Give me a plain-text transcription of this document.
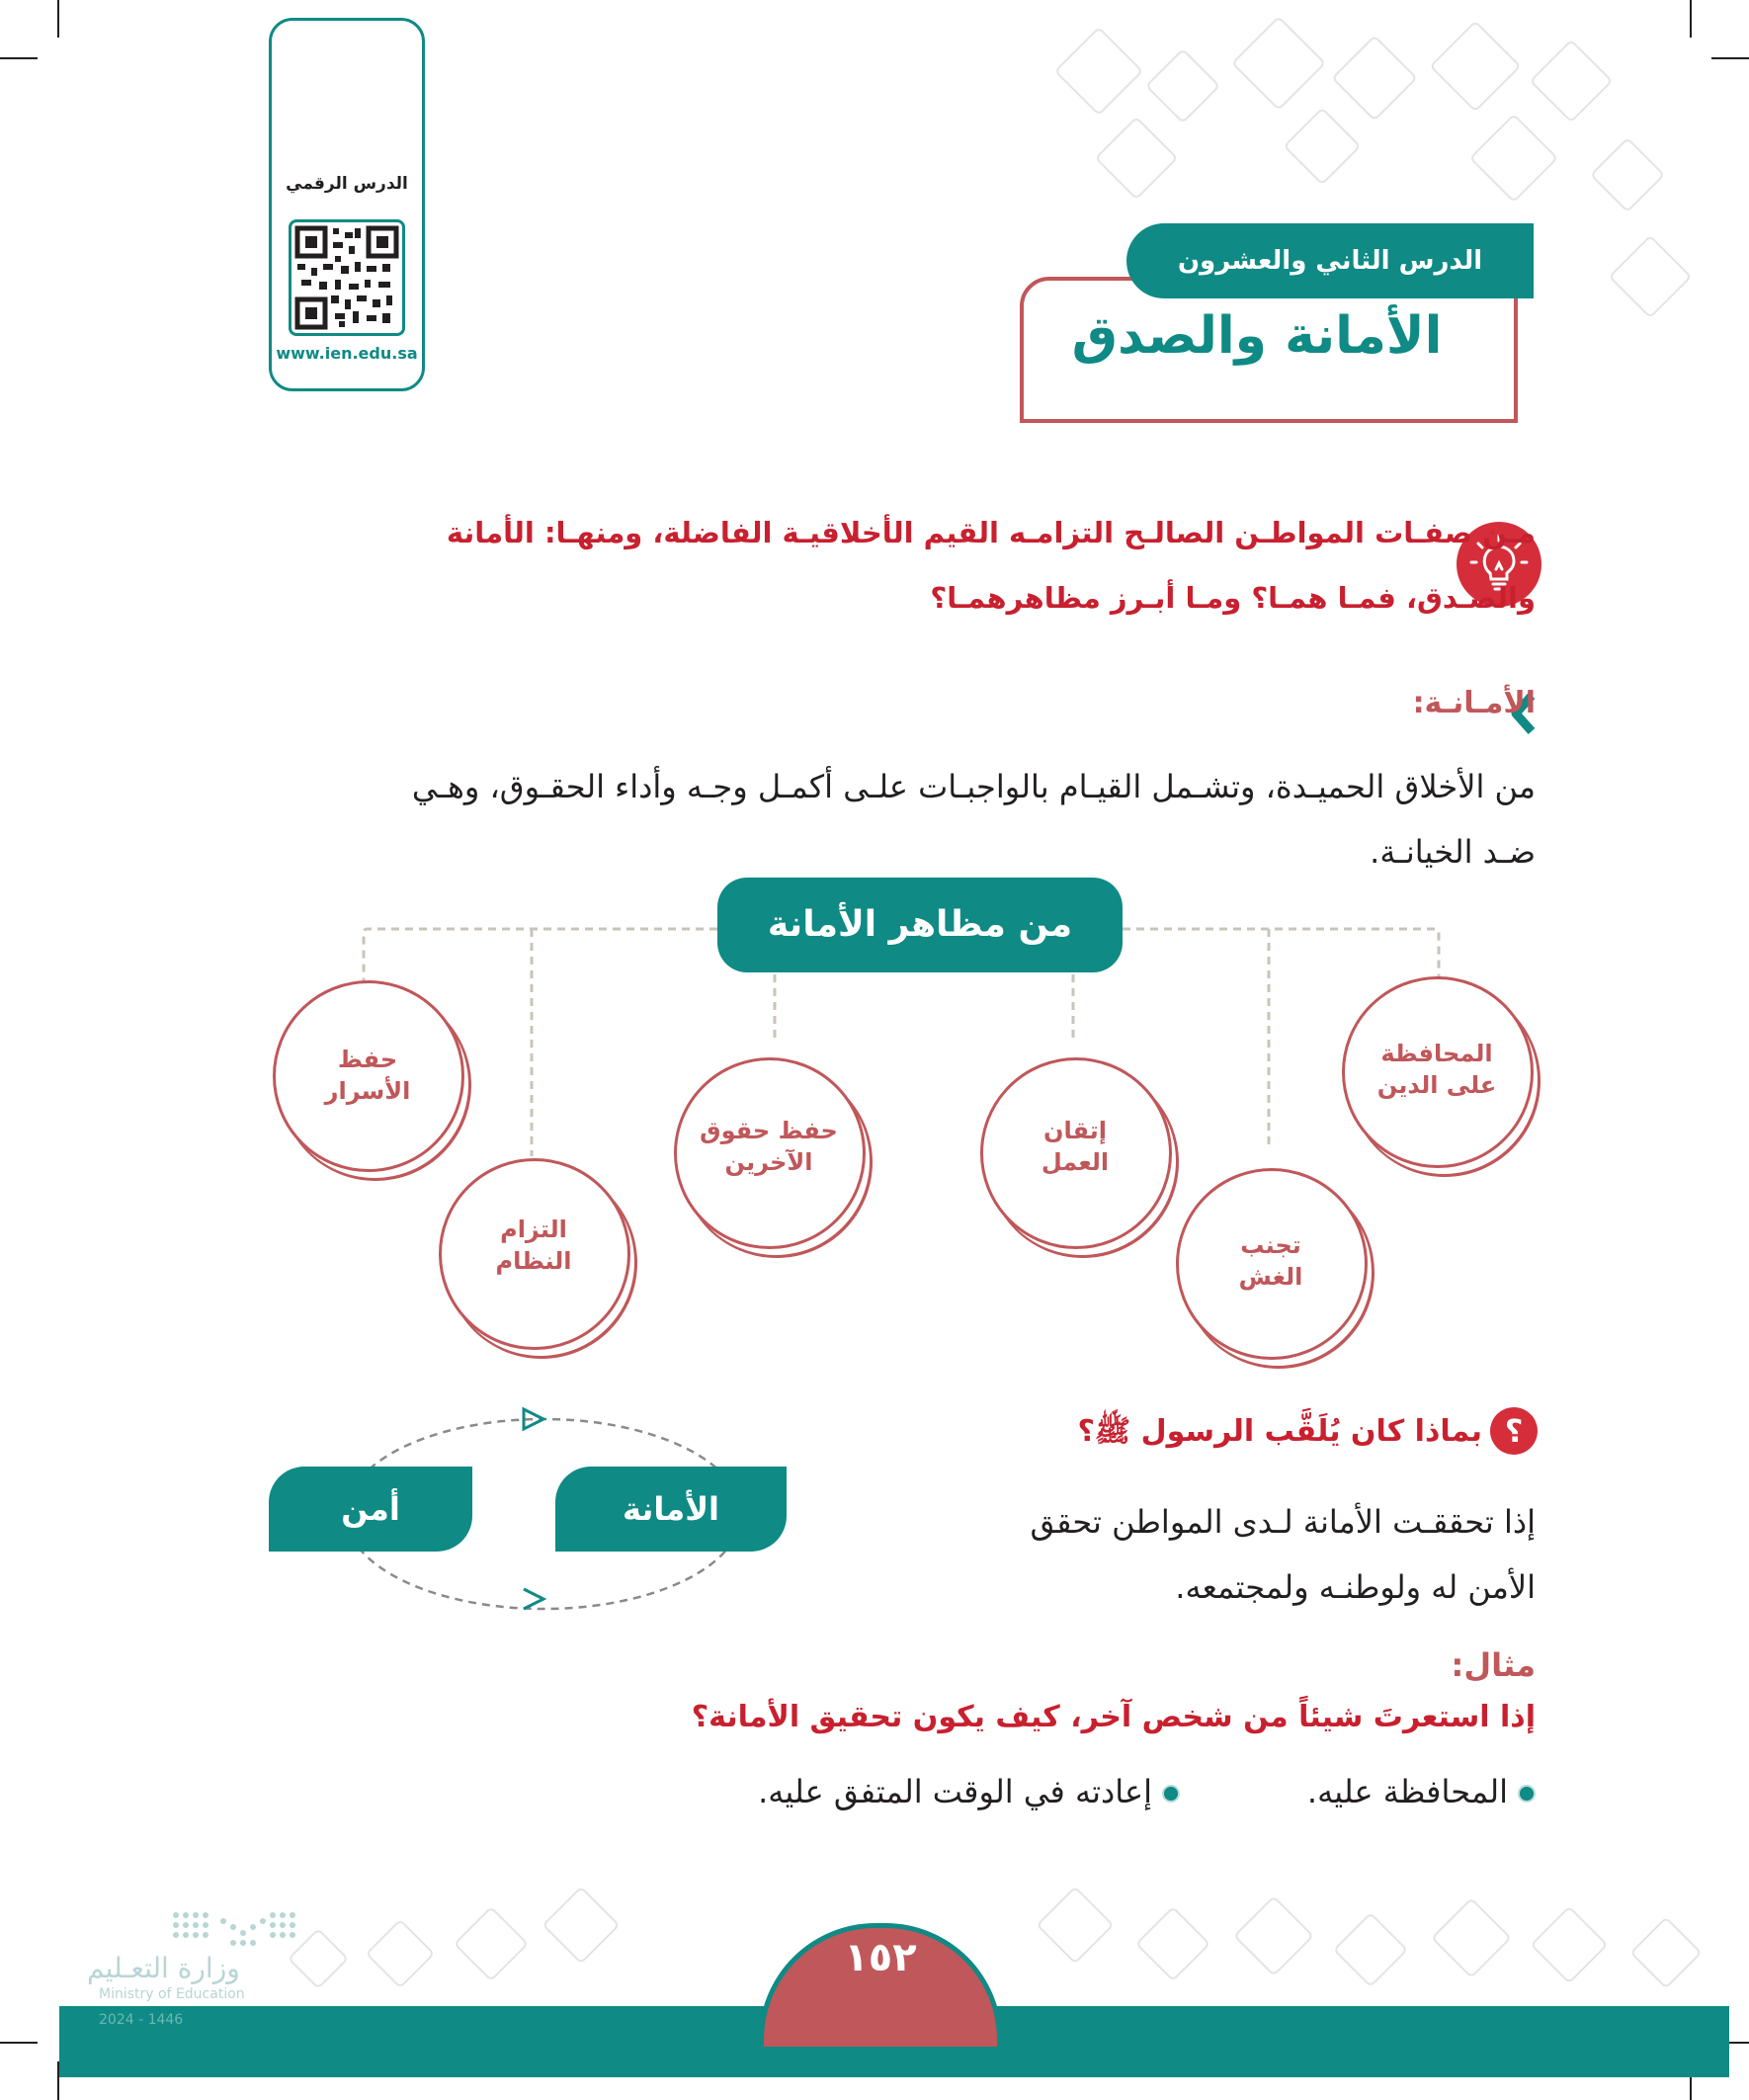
الدرس الرقمي
www.ien.edu.sa
الدرس الثاني والعشرون
الأمانة والصدق
مـن صفـات المواطـن الصالـح التزامـه القيم الأخلاقيـة الفاضلة، ومنهـا: الأمانة
والصـدق، فمـا همـا؟ ومـا أبـرز مظاهرهمـا؟
الأمـانـة:
من الأخلاق الحميـدة، وتشـمل القيـام بالواجبـات علـى أكمـل وجـه وأداء الحقـوق، وهـي
ضـد الخيانـة.
من مظاهر الأمانة
المحافظة
على الدين
تجنب
الغش
إتقان
العمل
حفظ حقوق
الآخرين
التزام
النظام
حفظ
الأسرار
؟
بماذا كان يُلَقَّب الرسول ﷺ؟
إذا تحققـت الأمانة لـدى المواطن تحقق
الأمن له ولوطنـه ولمجتمعه.
أمن	الأمانة
مثال:
إذا استعرتَ شيئاً من شخص آخر، كيف يكون تحقيق الأمانة؟
المحافظة عليه.
إعادته في الوقت المتفق عليه.
١٥٢
وزارة التعـليم
Ministry of Education
2024 - 1446
